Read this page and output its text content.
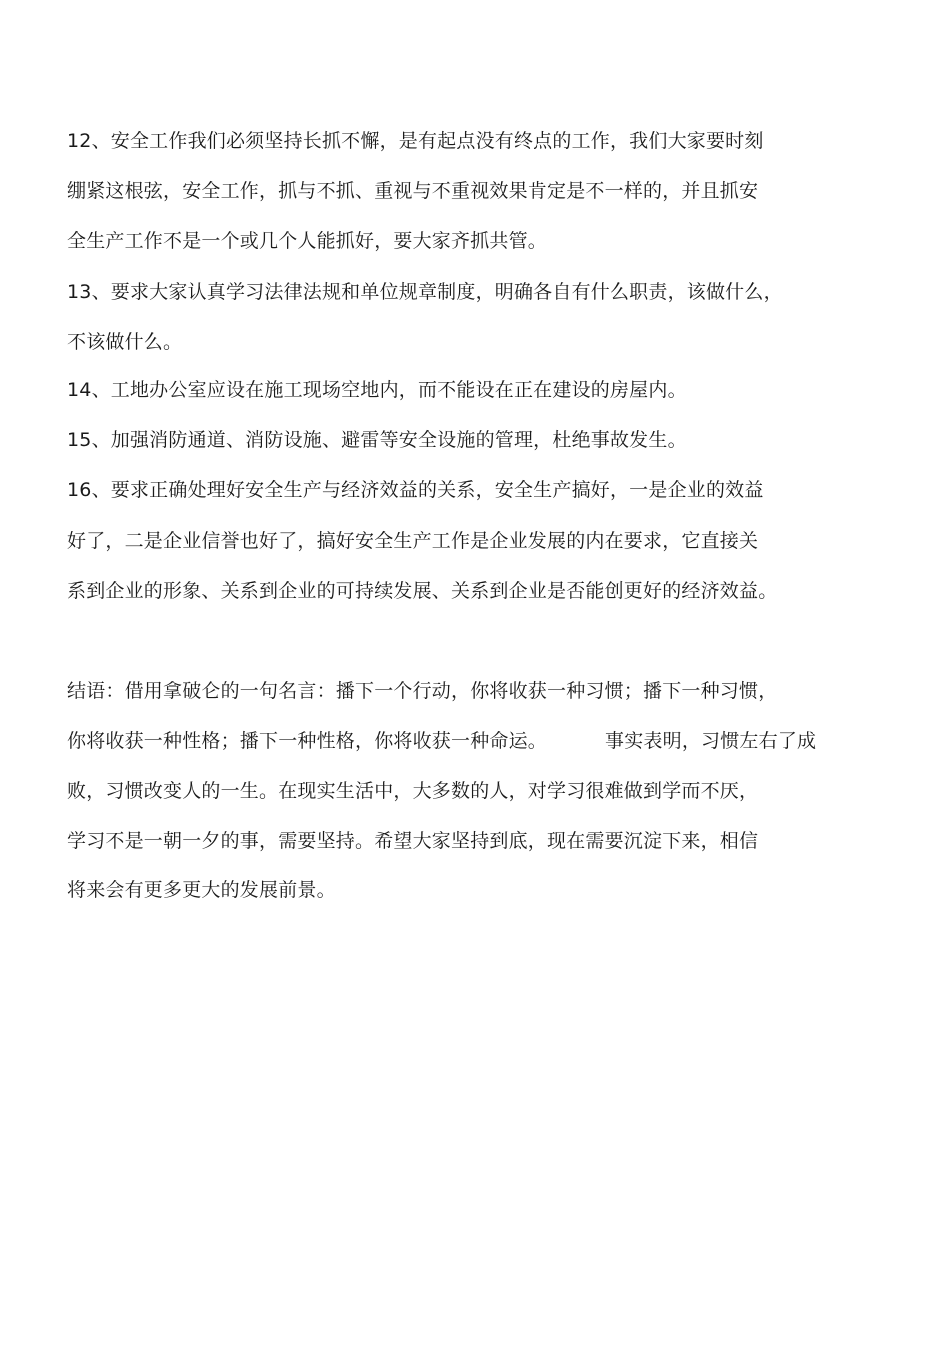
12、安全工作我们必须坚持长抓不懈，是有起点没有终点的工作，我们大家要时刻
绷紧这根弦，安全工作，抓与不抓、重视与不重视效果肯定是不一样的，并且抓安
全生产工作不是一个或几个人能抓好，要大家齐抓共管。
13、要求大家认真学习法律法规和单位规章制度，明确各自有什么职责，该做什么，
不该做什么。
14、工地办公室应设在施工现场空地内，而不能设在正在建设的房屋内。
15、加强消防通道、消防设施、避雷等安全设施的管理，杜绝事故发生。
16、要求正确处理好安全生产与经济效益的关系，安全生产搞好，一是企业的效益
好了，二是企业信誉也好了，搞好安全生产工作是企业发展的内在要求，它直接关
系到企业的形象、关系到企业的可持续发展、关系到企业是否能创更好的经济效益。
结语：借用拿破仑的一句名言：播下一个行动，你将收获一种习惯；播下一种习惯，
你将收获一种性格；播下一种性格，你将收获一种命运。	事实表明，习惯左右了成
败，习惯改变人的一生。在现实生活中，大多数的人，对学习很难做到学而不厌，
学习不是一朝一夕的事，需要坚持。希望大家坚持到底，现在需要沉淀下来，相信
将来会有更多更大的发展前景。
